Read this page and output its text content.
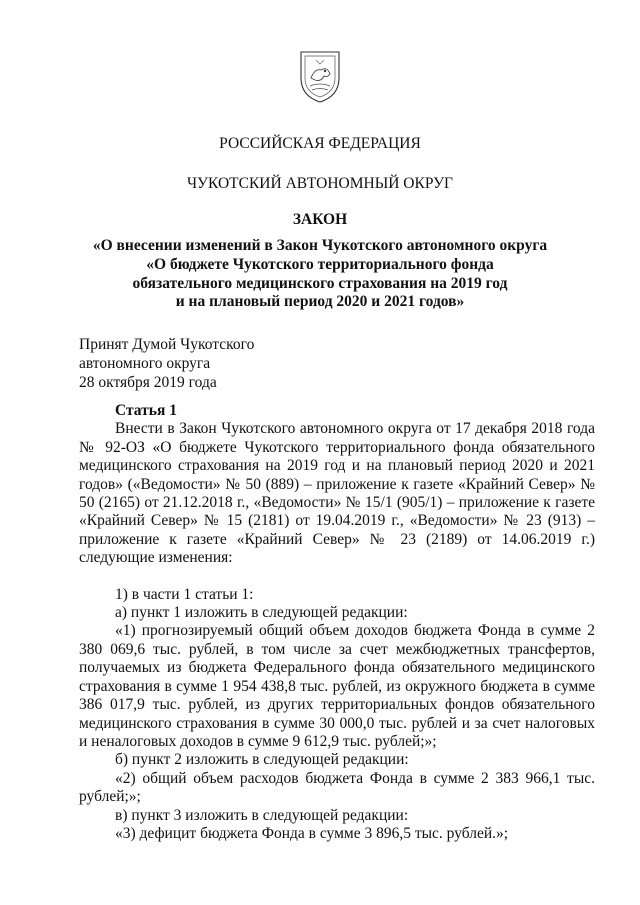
РОССИЙСКАЯ ФЕДЕРАЦИЯ
ЧУКОТСКИЙ АВТОНОМНЫЙ ОКРУГ
ЗАКОН
«О внесении изменений в Закон Чукотского автономного округа
«О бюджете Чукотского территориального фонда
обязательного медицинского страхования на 2019 год
и на плановый период 2020 и 2021 годов»
Принят Думой Чукотского
автономного округа
28 октября 2019 года

Статья 1

Внести в Закон Чукотского автономного округа от 17 декабря 2018 года № 92-ОЗ «О бюджете Чукотского территориального фонда обязательного медицинского страхования на 2019 год и на плановый период 2020 и 2021 годов» («Ведомости» № 50 (889) – приложение к газете «Крайний Север» № 50 (2165) от 21.12.2018 г., «Ведомости» № 15/1 (905/1) – приложение к газете «Крайний Север» № 15 (2181) от 19.04.2019 г., «Ведомости» № 23 (913) – приложение к газете «Крайний Север» № 23 (2189) от 14.06.2019 г.) следующие изменения:

1) в части 1 статьи 1:

а) пункт 1 изложить в следующей редакции:

«1) прогнозируемый общий объем доходов бюджета Фонда в сумме 2 380 069,6 тыс. рублей, в том числе за счет межбюджетных трансфертов, получаемых из бюджета Федерального фонда обязательного медицинского страхования в сумме 1 954 438,8 тыс. рублей, из окружного бюджета в сумме 386 017,9 тыс. рублей, из других территориальных фондов обязательного медицинского страхования в сумме 30 000,0 тыс. рублей и за счет налоговых и неналоговых доходов в сумме 9 612,9 тыс. рублей;»;

б) пункт 2 изложить в следующей редакции:

«2) общий объем расходов бюджета Фонда в сумме 2 383 966,1 тыс. рублей;»;

в) пункт 3 изложить в следующей редакции:

«3) дефицит бюджета Фонда в сумме 3 896,5 тыс. рублей.»;
